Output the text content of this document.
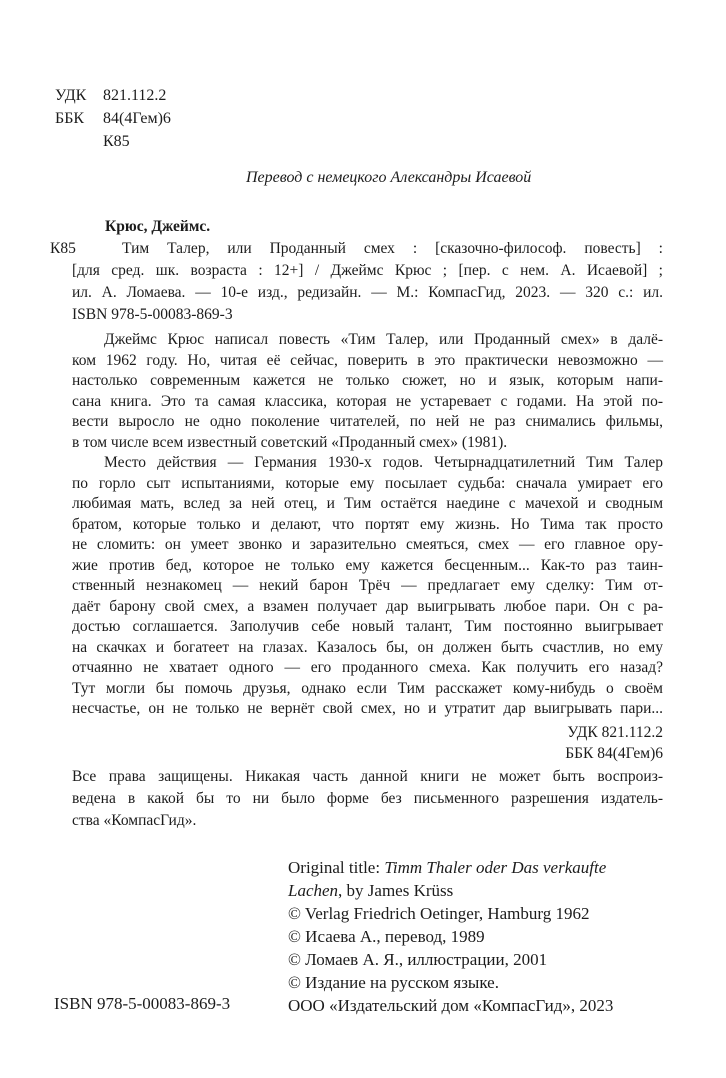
УДК 821.112.2
ББК 84(4Гем)6
К85
Перевод с немецкого Александры Исаевой
Крюс, Джеймс.
К85	Тим Талер, или Проданный смех : [сказочно-философ. повесть] :
[для сред. шк. возраста : 12+] / Джеймс Крюс ; [пер. с нем. А. Исаевой] ;
ил. А. Ломаева. — 10-е изд., редизайн. — М.: КомпасГид, 2023. — 320 с.: ил.
ISBN 978-5-00083-869-3
Джеймс Крюс написал повесть «Тим Талер, или Проданный смех» в далё-
ком 1962 году. Но, читая её сейчас, поверить в это практически невозможно —
настолько современным кажется не только сюжет, но и язык, которым напи-
сана книга. Это та самая классика, которая не устаревает с годами. На этой по-
вести выросло не одно поколение читателей, по ней не раз снимались фильмы,
в том числе всем известный советский «Проданный смех» (1981).
Место действия — Германия 1930-х годов. Четырнадцатилетний Тим Талер
по горло сыт испытаниями, которые ему посылает судьба: сначала умирает его
любимая мать, вслед за ней отец, и Тим остаётся наедине с мачехой и сводным
братом, которые только и делают, что портят ему жизнь. Но Тима так просто
не сломить: он умеет звонко и заразительно смеяться, смех — его главное ору-
жие против бед, которое не только ему кажется бесценным... Как-то раз таин-
ственный незнакомец — некий барон Трёч — предлагает ему сделку: Тим от-
даёт барону свой смех, а взамен получает дар выигрывать любое пари. Он с ра-
достью соглашается. Заполучив себе новый талант, Тим постоянно выигрывает
на скачках и богатеет на глазах. Казалось бы, он должен быть счастлив, но ему
отчаянно не хватает одного — его проданного смеха. Как получить его назад?
Тут могли бы помочь друзья, однако если Тим расскажет кому-нибудь о своём
несчастье, он не только не вернёт свой смех, но и утратит дар выигрывать пари...
УДК 821.112.2
ББК 84(4Гем)6
Все права защищены. Никакая часть данной книги не может быть воспроиз-
ведена в какой бы то ни было форме без письменного разрешения издатель-
ства «КомпасГид».
Original title: Timm Thaler oder Das verkaufte
Lachen, by James Krüss
© Verlag Friedrich Oetinger, Hamburg 1962
© Исаева А., перевод, 1989
© Ломаев А. Я., иллюстрации, 2001
© Издание на русском языке.
ООО «Издательский дом «КомпасГид», 2023
ISBN 978-5-00083-869-3
